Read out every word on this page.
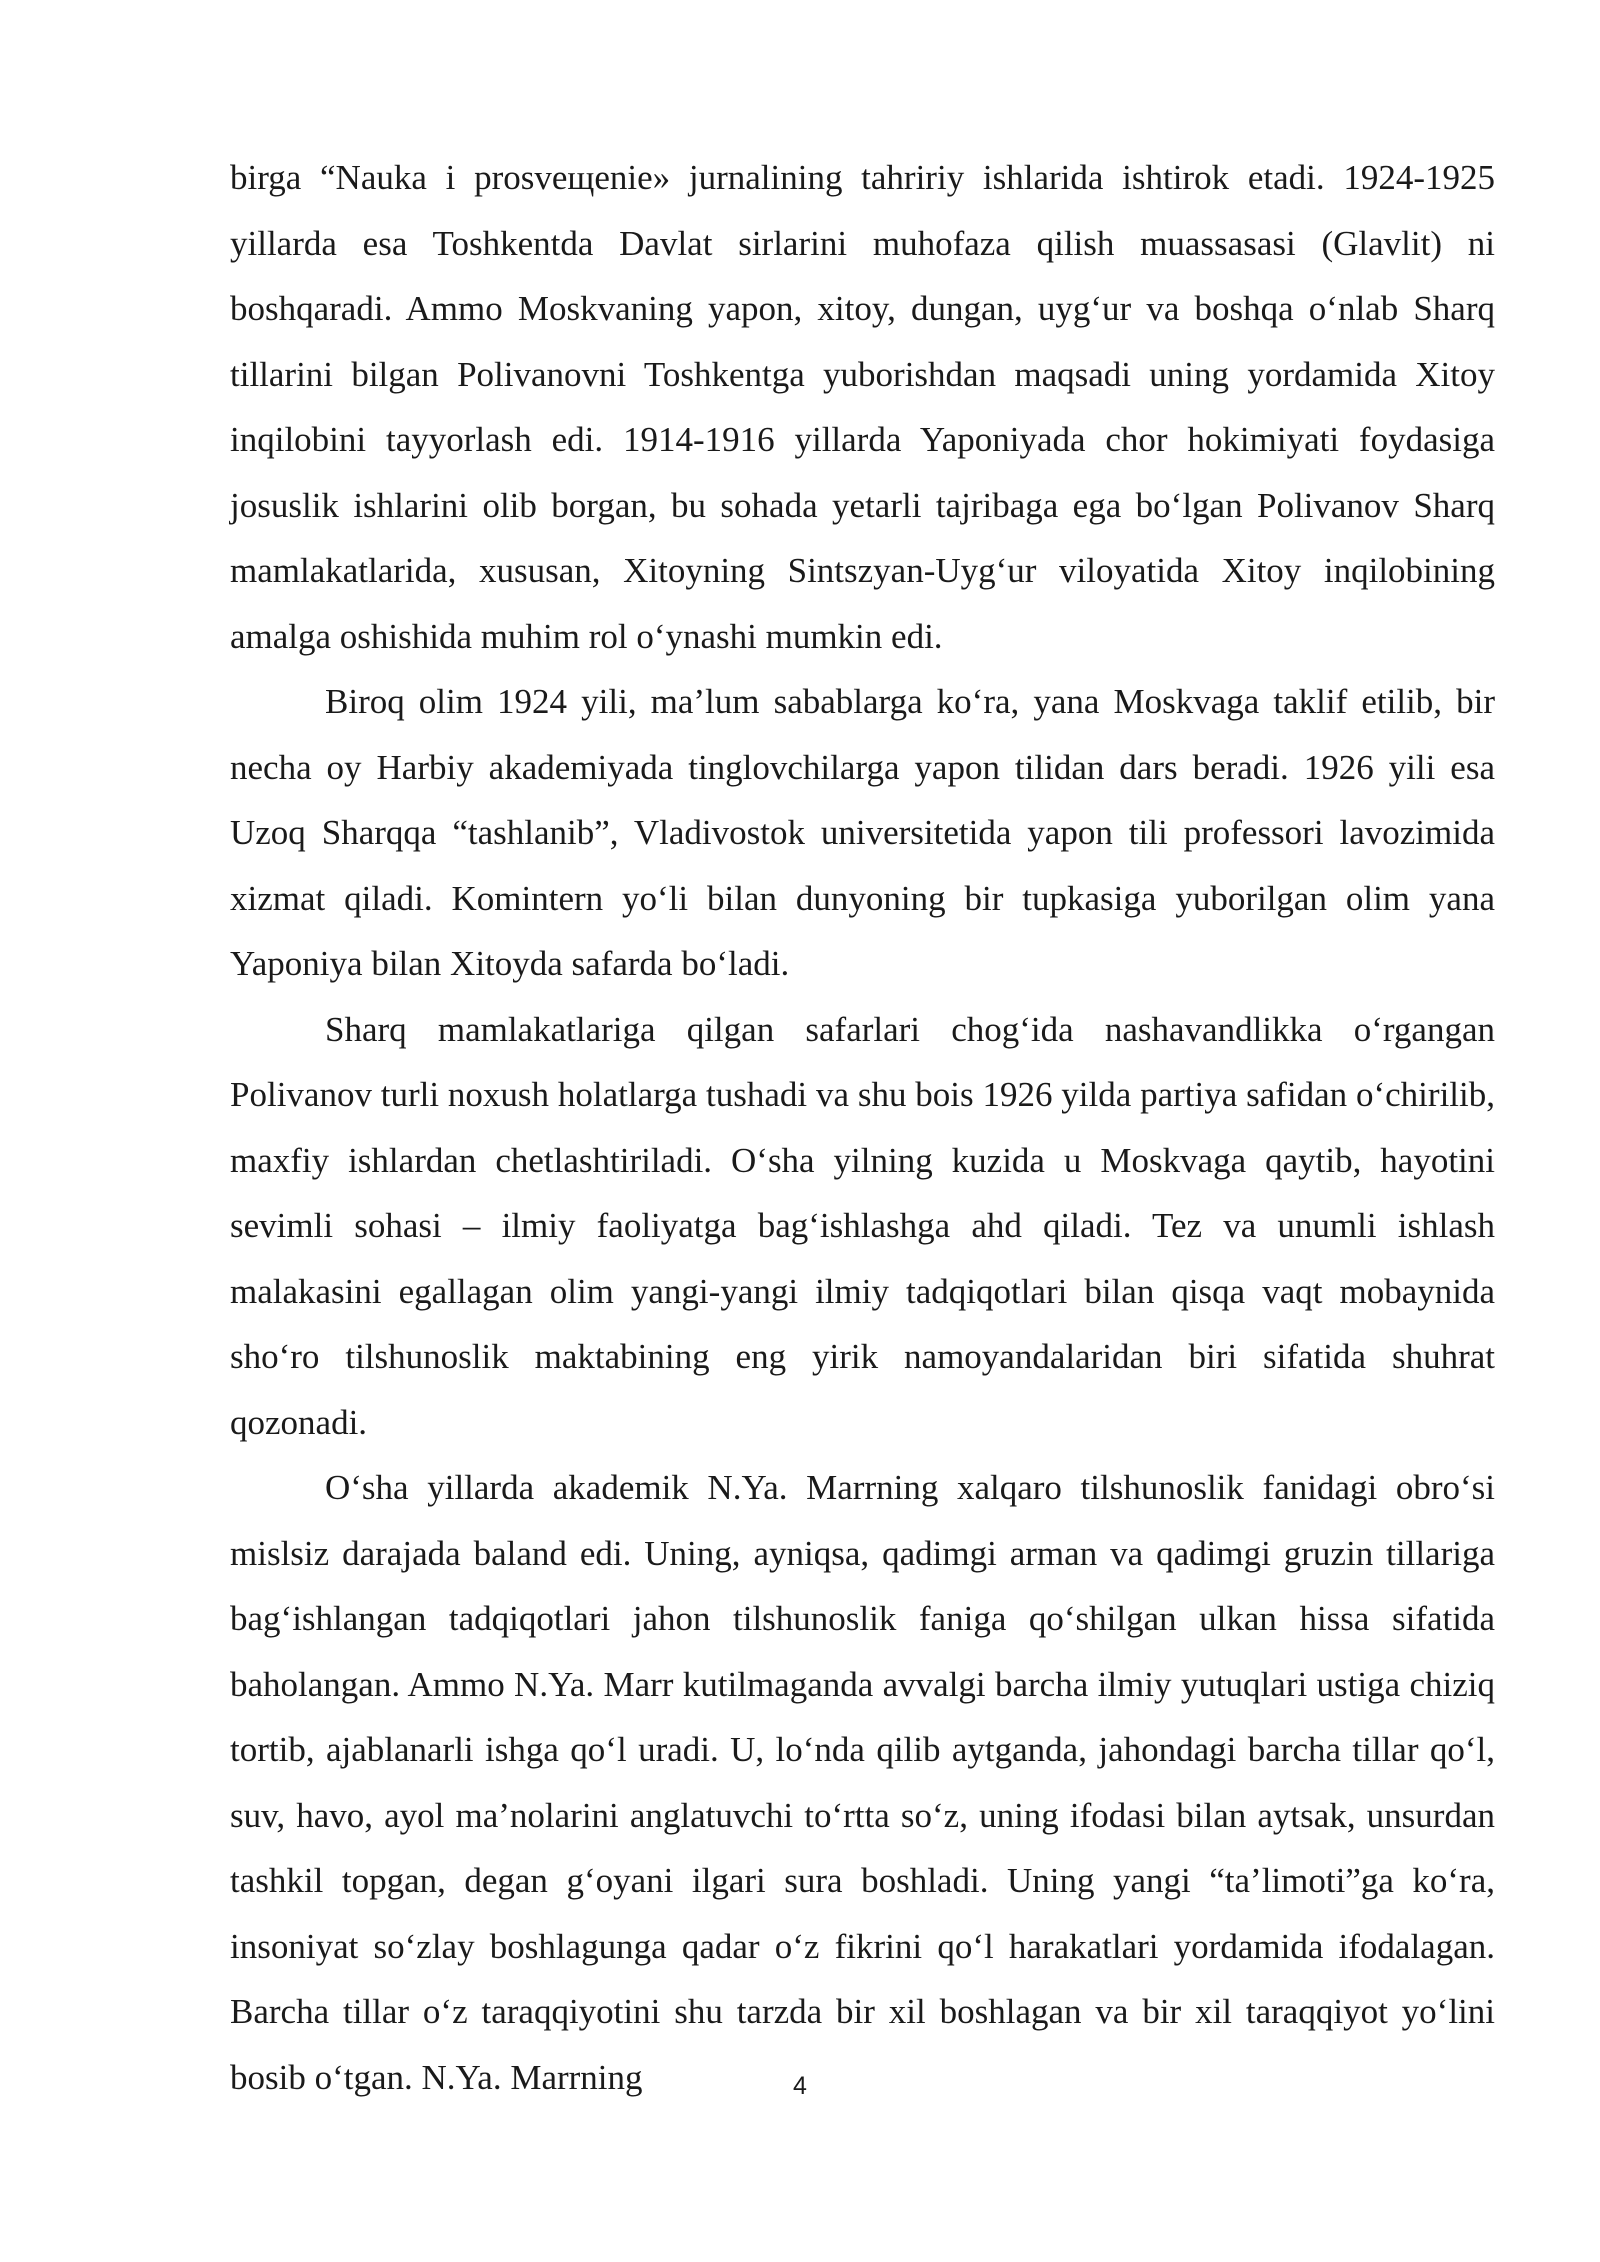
birga “Nauka i prosveщenie» jurnalining tahririy ishlarida ishtirok etadi. 1924-1925 yillarda esa Toshkentda Davlat sirlarini muhofaza qilish muassasasi (Glavlit) ni boshqaradi. Ammo Moskvaning yapon, xitoy, dungan, uyg‘ur va boshqa o‘nlab Sharq tillarini bilgan Polivanovni Toshkentga yuborishdan maqsadi uning yordamida Xitoy inqilobini tayyorlash edi. 1914-1916 yillarda Yaponiyada chor hokimiyati foydasiga josuslik ishlarini olib borgan, bu sohada yetarli tajribaga ega bo‘lgan Polivanov Sharq mamlakatlarida, xususan, Xitoyning Sintszyan-Uyg‘ur viloyatida Xitoy inqilobining amalga oshishida muhim rol o‘ynashi mumkin edi.

Biroq olim 1924 yili, ma’lum sabablarga ko‘ra, yana Moskvaga taklif etilib, bir necha oy Harbiy akademiyada tinglovchilarga yapon tilidan dars beradi. 1926 yili esa Uzoq Sharqqa “tashlanib”, Vladivostok universitetida yapon tili professori lavozimida xizmat qiladi. Komintern yo‘li bilan dunyoning bir tupkasiga yuborilgan olim yana Yaponiya bilan Xitoyda safarda bo‘ladi.

Sharq mamlakatlariga qilgan safarlari chog‘ida nashavandlikka o‘rgangan Polivanov turli noxush holatlarga tushadi va shu bois 1926 yilda partiya safidan o‘chirilib, maxfiy ishlardan chetlashtiriladi. O‘sha yilning kuzida u Moskvaga qaytib, hayotini sevimli sohasi – ilmiy faoliyatga bag‘ishlashga ahd qiladi. Tez va unumli ishlash malakasini egallagan olim yangi-yangi ilmiy tadqiqotlari bilan qisqa vaqt mobaynida sho‘ro tilshunoslik maktabining eng yirik namoyandalaridan biri sifatida shuhrat qozonadi.

O‘sha yillarda akademik N.Ya. Marrning xalqaro tilshunoslik fanidagi obro‘si mislsiz darajada baland edi. Uning, ayniqsa, qadimgi arman va qadimgi gruzin tillariga bag‘ishlangan tadqiqotlari jahon tilshunoslik faniga qo‘shilgan ulkan hissa sifatida baholangan. Ammo N.Ya. Marr kutilmaganda avvalgi barcha ilmiy yutuqlari ustiga chiziq tortib, ajablanarli ishga qo‘l uradi. U, lo‘nda qilib aytganda, jahondagi barcha tillar qo‘l, suv, havo, ayol ma’nolarini anglatuvchi to‘rtta so‘z, uning ifodasi bilan aytsak, unsurdan tashkil topgan, degan g‘oyani ilgari sura boshladi. Uning yangi “ta’limoti”ga ko‘ra, insoniyat so‘zlay boshlagunga qadar o‘z fikrini qo‘l harakatlari yordamida ifodalagan. Barcha tillar o‘z taraqqiyotini shu tarzda bir xil boshlagan va bir xil taraqqiyot yo‘lini bosib o‘tgan. N.Ya. Marrning	4
